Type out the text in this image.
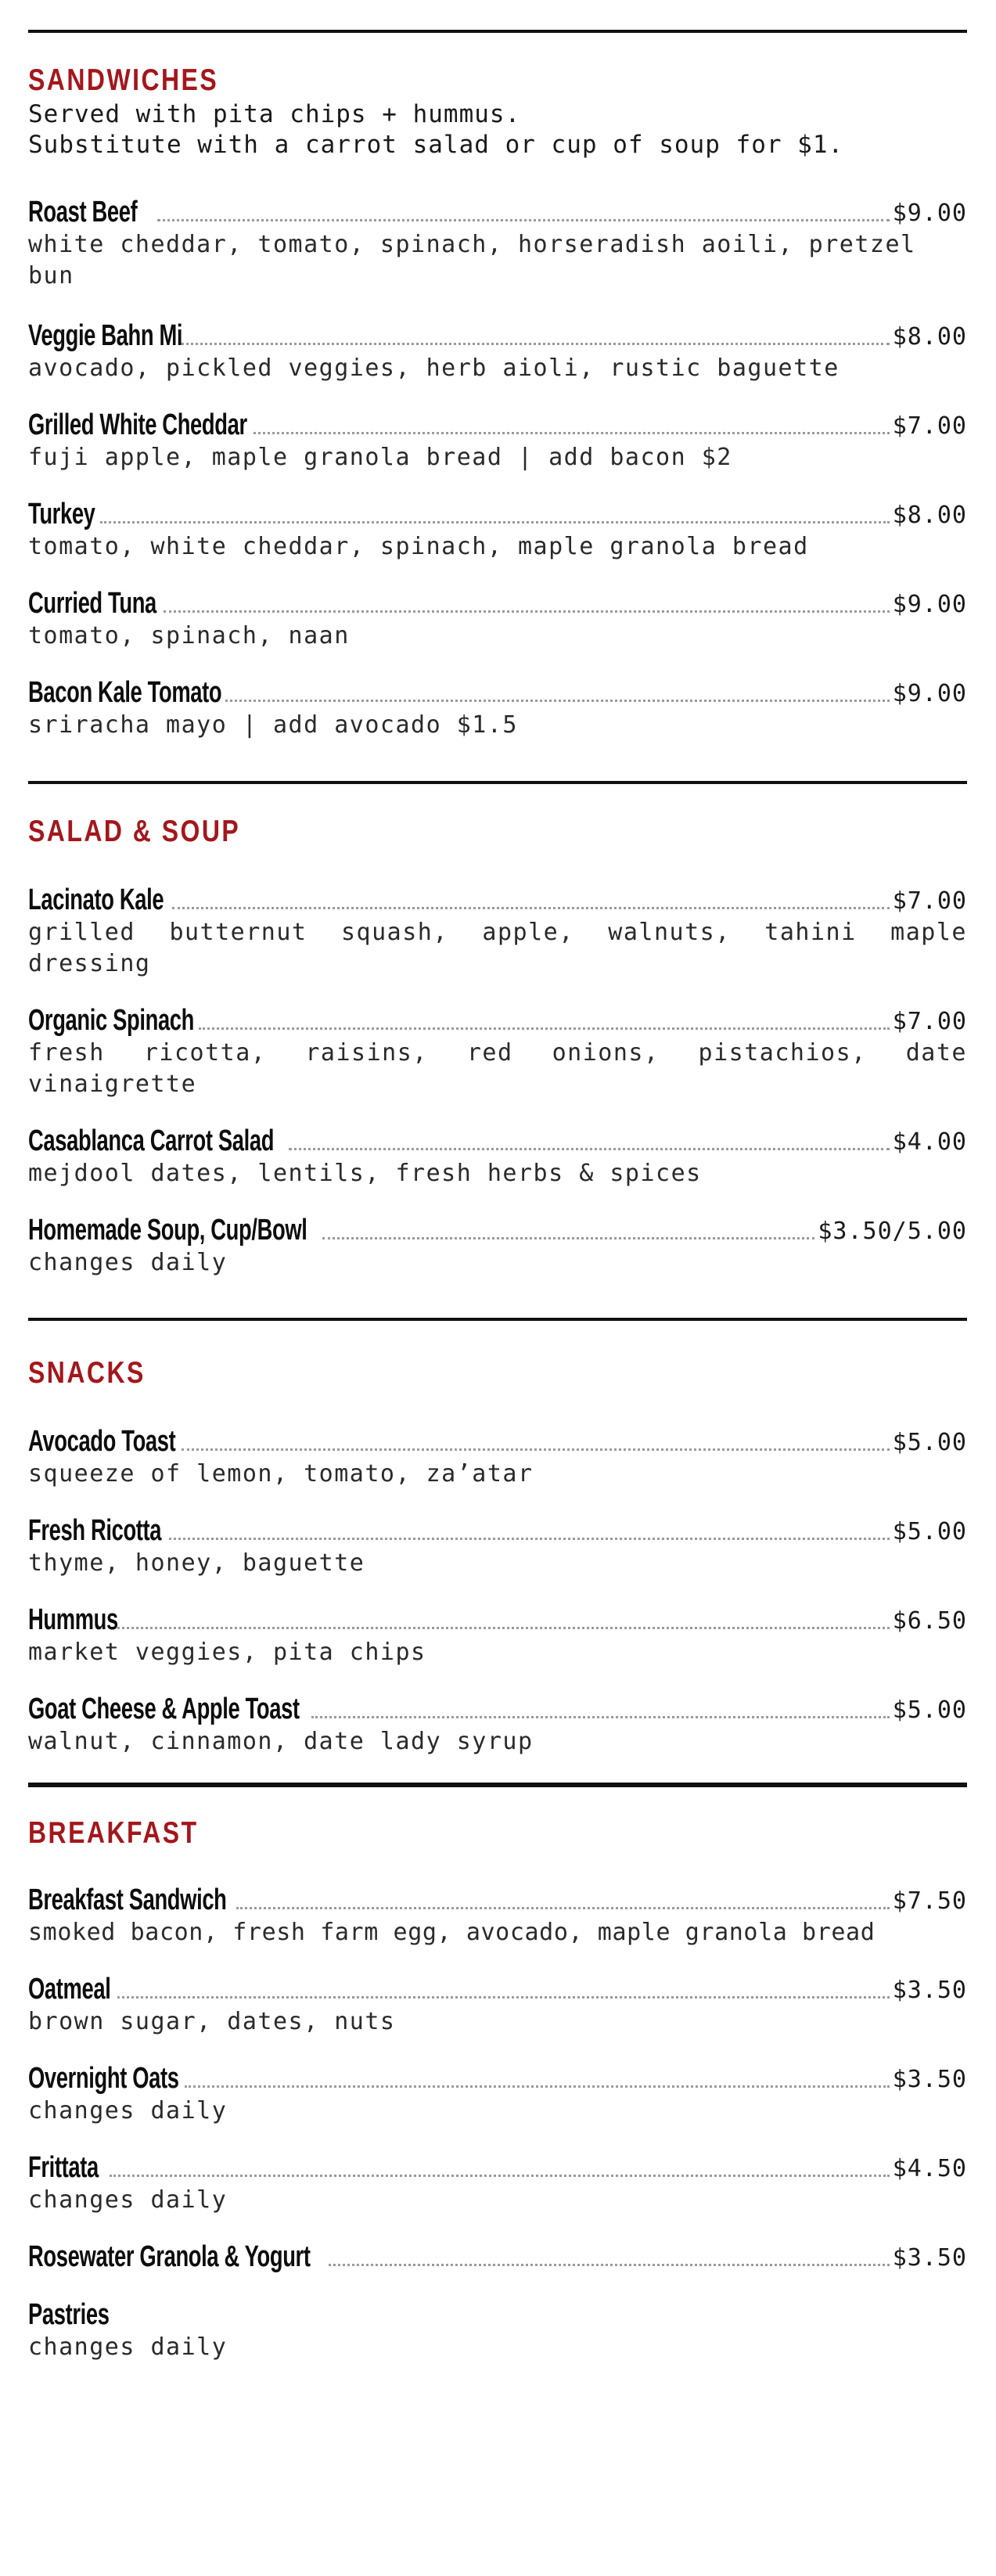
SANDWICHES

Served with pita chips + hummus.
Substitute with a carrot salad or cup of soup for $1.

Roast Beef	$9.00

white cheddar, tomato, spinach, horseradish aoili, pretzel bun

Veggie Bahn Mi	$8.00

avocado, pickled veggies, herb aioli, rustic baguette

Grilled White Cheddar	$7.00

fuji apple, maple granola bread | add bacon $2

Turkey	$8.00

tomato, white cheddar, spinach, maple granola bread

Curried Tuna	$9.00

tomato, spinach, naan

Bacon Kale Tomato	$9.00

sriracha mayo | add avocado $1.5

SALAD & SOUP
Lacinato Kale	$7.00

grilled butternut squash, apple, walnuts, tahini maple dressing

Organic Spinach	$7.00

fresh ricotta, raisins, red onions, pistachios, date vinaigrette

Casablanca Carrot Salad	$4.00

mejdool dates, lentils, fresh herbs & spices

Homemade Soup, Cup/Bowl	$3.50/5.00

changes daily

SNACKS
Avocado Toast	$5.00

squeeze of lemon, tomato, za’atar

Fresh Ricotta	$5.00

thyme, honey, baguette

Hummus	$6.50

market veggies, pita chips

Goat Cheese & Apple Toast	$5.00

walnut, cinnamon, date lady syrup

BREAKFAST
Breakfast Sandwich	$7.50

smoked bacon, fresh farm egg, avocado, maple granola bread

Oatmeal	$3.50

brown sugar, dates, nuts

Overnight Oats	$3.50

changes daily

Frittata	$4.50

changes daily

Rosewater Granola & Yogurt	$3.50
Pastries

changes daily
